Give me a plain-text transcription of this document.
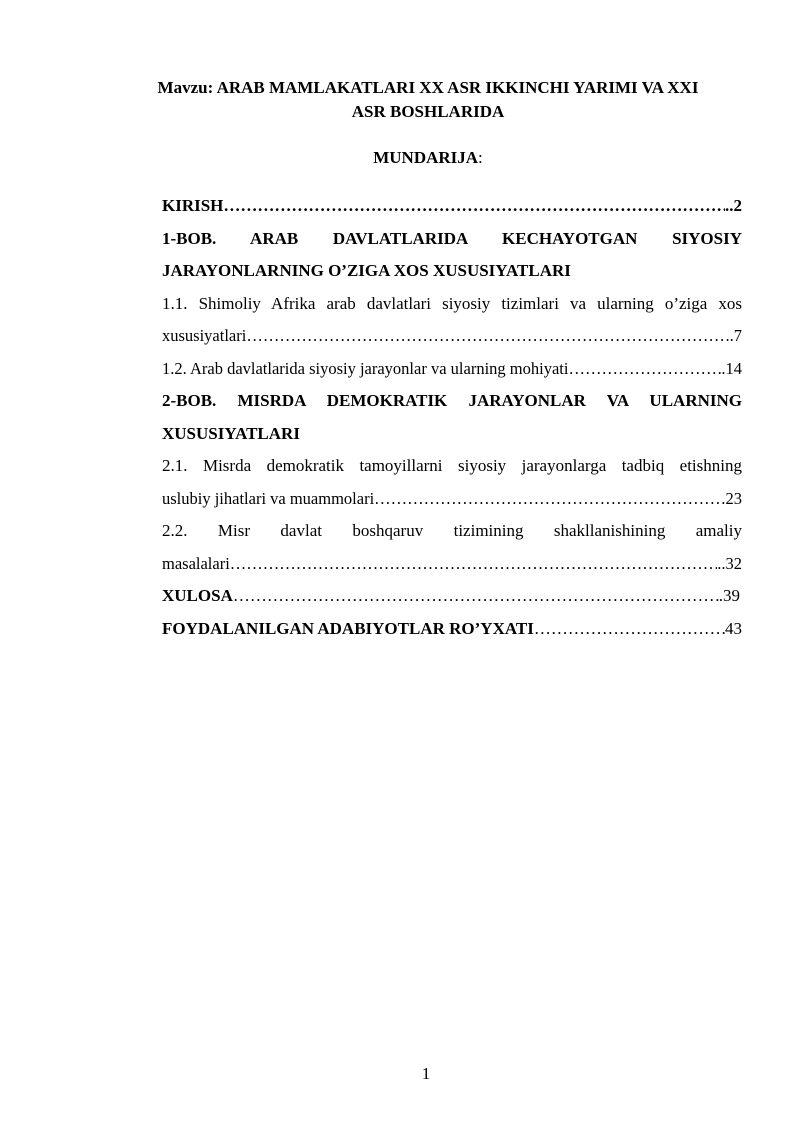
Mavzu: ARAB MAMLAKATLARI XX ASR IKKINCHI YARIMI VA XXI
ASR BOSHLARIDA
MUNDARIJA:
KIRISH ……………………………………………………………………………………………………………………………………………………………………	..2
1-BOB. ARAB DAVLATLARIDA KECHAYOTGAN SIYOSIY
JARAYONLARNING O’ZIGA XOS XUSUSIYATLARI
1.1. Shimoliy Afrika arab davlatlari siyosiy tizimlari va ularning o’ziga xos
xususiyatlari ……………………………………………………………………………………………………………………………………………………………………	.7
1.2. Arab davlatlarida siyosiy jarayonlar va ularning mohiyati ……………………………………………………………………………………………………………………………………………………………………	.14
2-BOB. MISRDA DEMOKRATIK JARAYONLAR VA ULARNING
XUSUSIYATLARI
2.1. Misrda demokratik tamoyillarni siyosiy jarayonlarga tadbiq etishning
uslubiy jihatlari va muammolari ……………………………………………………………………………………………………………………………………………………………………	23
2.2. Misr davlat boshqaruv tizimining shakllanishining amaliy
masalalari ……………………………………………………………………………………………………………………………………………………………………	..32
XULOSA ……………………………………………………………………………………………………………………………………………………………………	.39
FOYDALANILGAN ADABIYOTLAR RO’YXATI ……………………………………………………………………………………………………………………………………………………………………	43
1
